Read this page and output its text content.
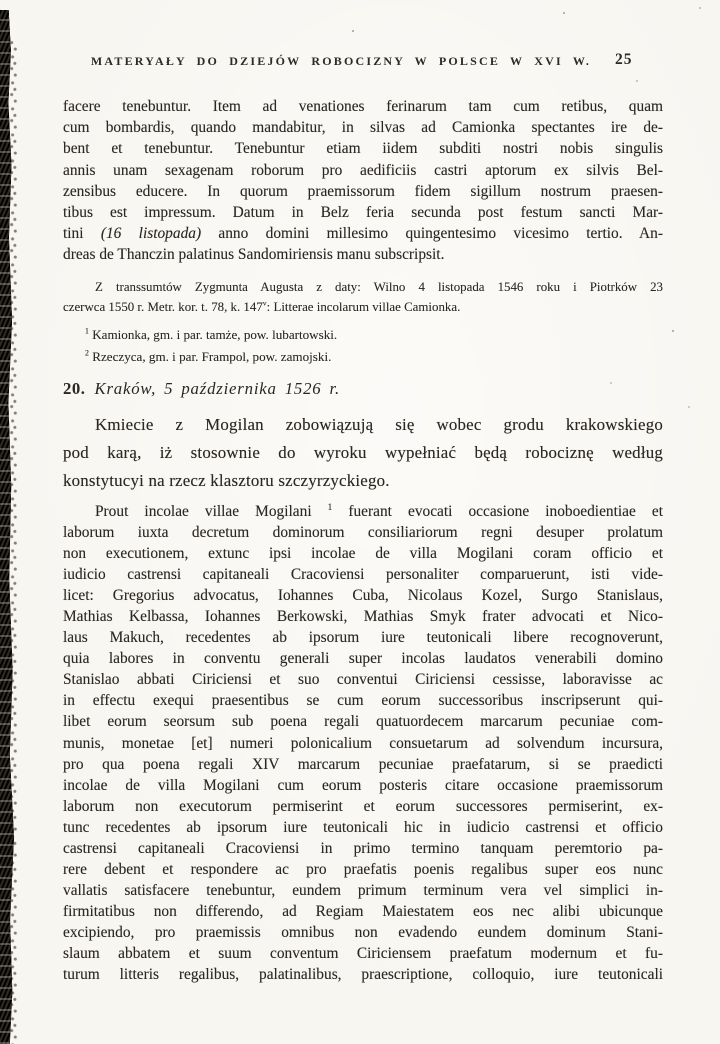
MATERYAŁY DO DZIEJÓW ROBOCIZNY W POLSCE W XVI W. 25
facere tenebuntur. Item ad venationes ferinarum tam cum retibus, quam
cum bombardis, quando mandabitur, in silvas ad Camionka spectantes ire de-
bent et tenebuntur. Tenebuntur etiam iidem subditi nostri nobis singulis
annis unam sexagenam roborum pro aedificiis castri aptorum ex silvis Bel-
zensibus educere. In quorum praemissorum fidem sigillum nostrum praesen-
tibus est impressum. Datum in Belz feria secunda post festum sancti Mar-
tini (16 listopada) anno domini millesimo quingentesimo vicesimo tertio. An-
dreas de Thanczin palatinus Sandomiriensis manu subscripsit.
Z transsumtów Zygmunta Augusta z daty: Wilno 4 listopada 1546 roku i Piotrków 23
czerwca 1550 r. Metr. kor. t. 78, k. 147$^v$: Litterae incolarum villae Camionka.
$^1$ Kamionka, gm. i par. tamże, pow. lubartowski.
$^2$ Rzeczyca, gm. i par. Frampol, pow. zamojski.
20. Kraków, 5 października 1526 r.
Kmiecie z Mogilan zobowiązują się wobec grodu krakowskiego
pod karą, iż stosownie do wyroku wypełniać będą robociznę według
konstytucyi na rzecz klasztoru szczyrzyckiego.
Prout incolae villae Mogilani $^1$ fuerant evocati occasione inoboedientiae et
laborum iuxta decretum dominorum consiliariorum regni desuper prolatum
non executionem, extunc ipsi incolae de villa Mogilani coram officio et
iudicio castrensi capitaneali Cracoviensi personaliter comparuerunt, isti vide-
licet: Gregorius advocatus, Iohannes Cuba, Nicolaus Kozel, Surgo Stanislaus,
Mathias Kelbassa, Iohannes Berkowski, Mathias Smyk frater advocati et Nico-
laus Makuch, recedentes ab ipsorum iure teutonicali libere recognoverunt,
quia labores in conventu generali super incolas laudatos venerabili domino
Stanislao abbati Ciriciensi et suo conventui Ciriciensi cessisse, laboravisse ac
in effectu exequi praesentibus se cum eorum successoribus inscripserunt qui-
libet eorum seorsum sub poena regali quatuordecem marcarum pecuniae com-
munis, monetae [et] numeri polonicalium consuetarum ad solvendum incursura,
pro qua poena regali XIV marcarum pecuniae praefatarum, si se praedicti
incolae de villa Mogilani cum eorum posteris citare occasione praemissorum
laborum non executorum permiserint et eorum successores permiserint, ex-
tunc recedentes ab ipsorum iure teutonicali hic in iudicio castrensi et officio
castrensi capitaneali Cracoviensi in primo termino tanquam peremtorio pa-
rere debent et respondere ac pro praefatis poenis regalibus super eos nunc
vallatis satisfacere tenebuntur, eundem primum terminum vera vel simplici in-
firmitatibus non differendo, ad Regiam Maiestatem eos nec alibi ubicunque
excipiendo, pro praemissis omnibus non evadendo eundem dominum Stani-
slaum abbatem et suum conventum Ciriciensem praefatum modernum et fu-
turum litteris regalibus, palatinalibus, praescriptione, colloquio, iure teutonicali
